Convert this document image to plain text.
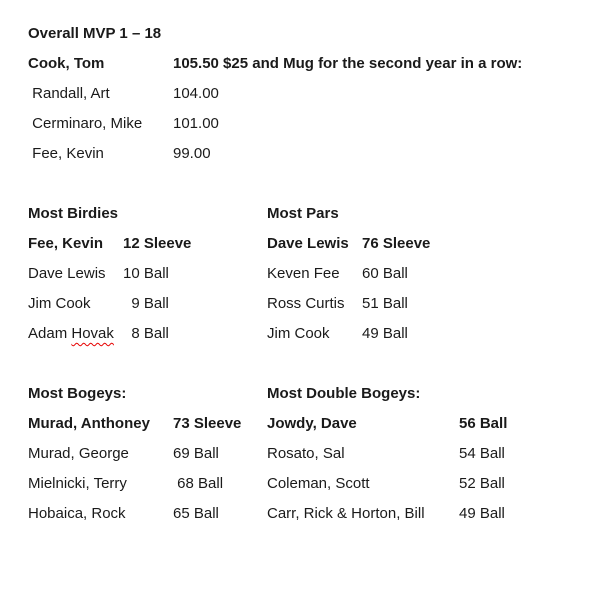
Overall MVP 1 – 18
Cook, Tom	105.50 $25 and Mug for the second year in a row:
Randall, Art	104.00
Cerminaro, Mike	101.00
Fee, Kevin	99.00
Most Birdies	Most Pars
Fee, Kevin	12 Sleeve	Dave Lewis 76 Sleeve
Dave Lewis	10 Ball	Keven Fee	60 Ball
Jim Cook	9 Ball	Ross Curtis	51 Ball
Adam Hovak 8 Ball	Jim Cook	49 Ball
Most Bogeys:	Most Double Bogeys:
Murad, Anthoney	73 Sleeve Jowdy, Dave	56 Ball
Murad, George	69 Ball	Rosato, Sal	54 Ball
Mielnicki, Terry	68 Ball	Coleman, Scott	52 Ball
Hobaica, Rock	65 Ball	Carr, Rick & Horton, Bill	49 Ball
